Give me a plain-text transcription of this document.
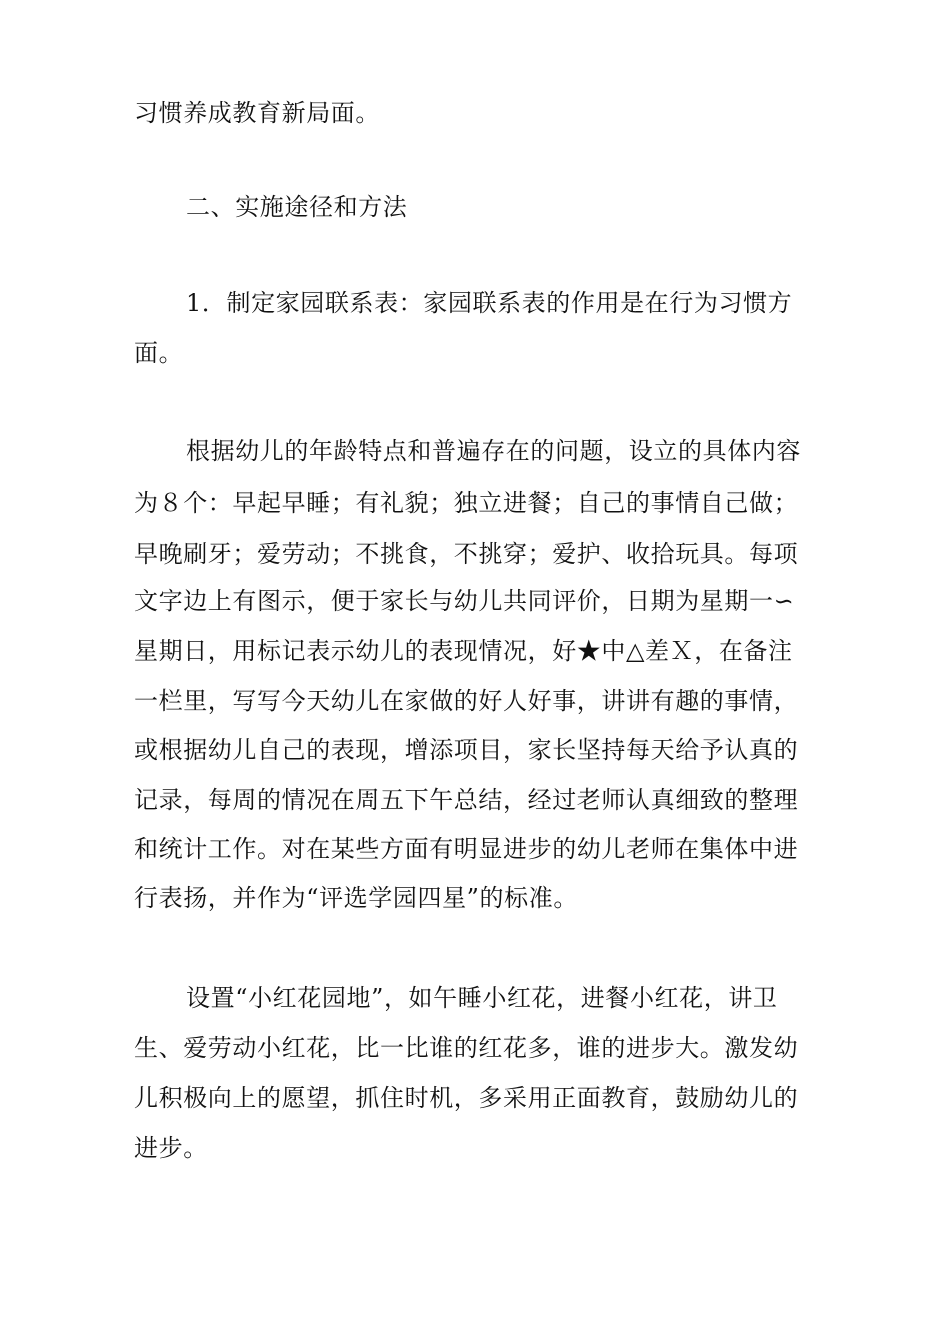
习惯养成教育新局面。

二、实施途径和方法

1．制定家园联系表：家园联系表的作用是在行为习惯方

面。

根据幼儿的年龄特点和普遍存在的问题，设立的具体内容

为８个：早起早睡；有礼貌；独立进餐；自己的事情自己做；

早晚刷牙；爱劳动；不挑食，不挑穿；爱护、收拾玩具。每项

文字边上有图示，便于家长与幼儿共同评价，日期为星期一∽

星期日，用标记表示幼儿的表现情况，好★中△差Ｘ，在备注

一栏里，写写今天幼儿在家做的好人好事，讲讲有趣的事情，

或根据幼儿自己的表现，增添项目，家长坚持每天给予认真的

记录，每周的情况在周五下午总结，经过老师认真细致的整理

和统计工作。对在某些方面有明显进步的幼儿老师在集体中进

行表扬，并作为“评选学园四星”的标准。

设置“小红花园地”，如午睡小红花，进餐小红花，讲卫

生、爱劳动小红花，比一比谁的红花多，谁的进步大。激发幼

儿积极向上的愿望，抓住时机，多采用正面教育，鼓励幼儿的

进步。
